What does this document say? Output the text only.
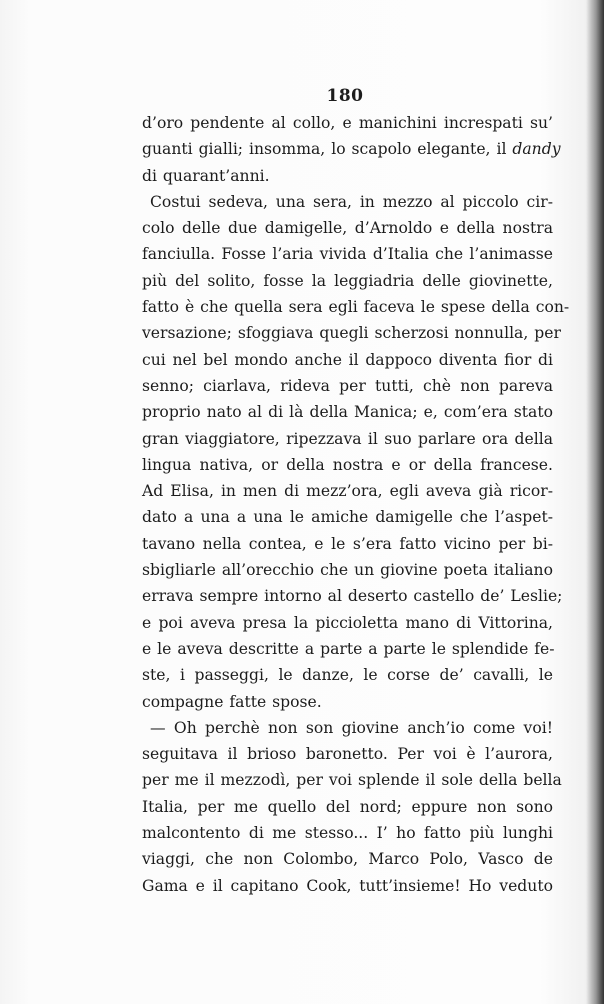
180
d’oro pendente al collo, e manichini increspati su’
guanti gialli; insomma, lo scapolo elegante, il dandy
di quarant’anni.
Costui sedeva, una sera, in mezzo al piccolo cir-
colo delle due damigelle, d’Arnoldo e della nostra
fanciulla. Fosse l’aria vivida d’Italia che l’animasse
più del solito, fosse la leggiadria delle giovinette,
fatto è che quella sera egli faceva le spese della con-
versazione; sfoggiava quegli scherzosi nonnulla, per
cui nel bel mondo anche il dappoco diventa fior di
senno; ciarlava, rideva per tutti, chè non pareva
proprio nato al di là della Manica; e, com’era stato
gran viaggiatore, ripezzava il suo parlare ora della
lingua nativa, or della nostra e or della francese.
Ad Elisa, in men di mezz’ora, egli aveva già ricor-
dato a una a una le amiche damigelle che l’aspet-
tavano nella contea, e le s’era fatto vicino per bi-
sbigliarle all’orecchio che un giovine poeta italiano
errava sempre intorno al deserto castello de’ Leslie;
e poi aveva presa la piccioletta mano di Vittorina,
e le aveva descritte a parte a parte le splendide fe-
ste, i passeggi, le danze, le corse de’ cavalli, le
compagne fatte spose.
— Oh perchè non son giovine anch’io come voi!
seguitava il brioso baronetto. Per voi è l’aurora,
per me il mezzodì, per voi splende il sole della bella
Italia, per me quello del nord; eppure non sono
malcontento di me stesso... I’ ho fatto più lunghi
viaggi, che non Colombo, Marco Polo, Vasco de
Gama e il capitano Cook, tutt’insieme! Ho veduto
